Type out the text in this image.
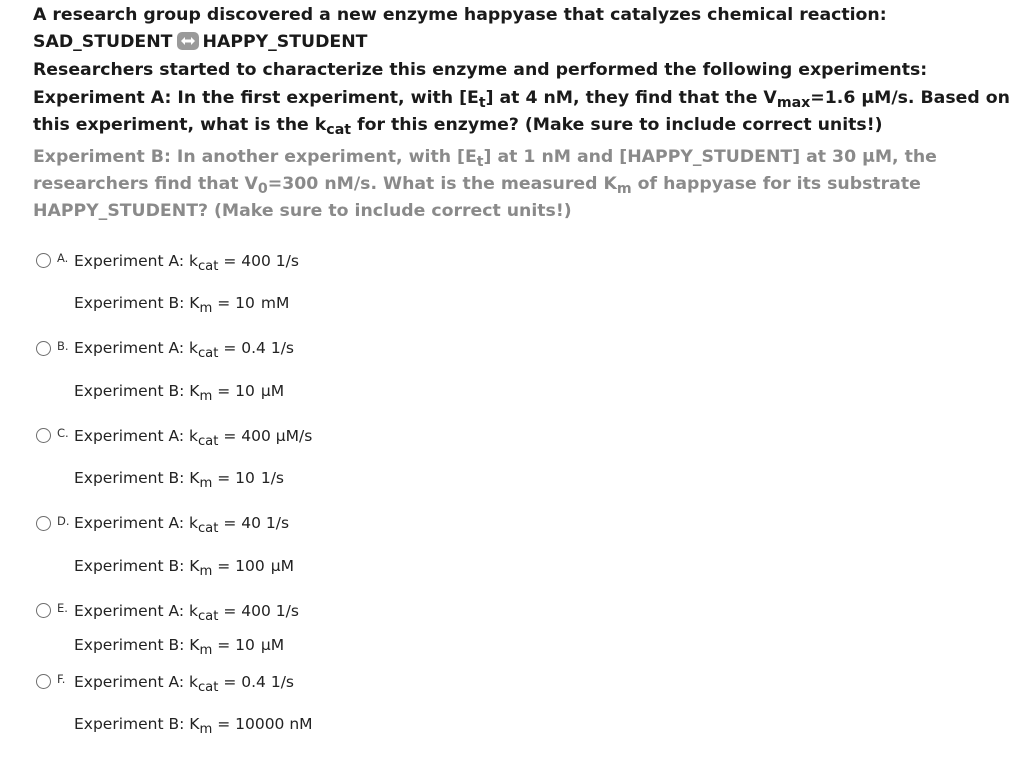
A research group discovered a new enzyme happyase that catalyzes chemical reaction:
SAD_STUDENT HAPPY_STUDENT
Researchers started to characterize this enzyme and performed the following experiments:
Experiment A: In the first experiment, with $[E_t]$ at 4 nM, they find that the $V_{max}=1.6$ μM/s. Based on
this experiment, what is the $k_{cat}$ for this enzyme? (Make sure to include correct units!)
Experiment B: In another experiment, with $[E_t]$ at 1 nM and [HAPPY_STUDENT] at 30 μM, the
researchers find that $V_0=300$ nM/s. What is the measured $K_m$ of happyase for its substrate
HAPPY_STUDENT? (Make sure to include correct units!)
A. Experiment A: kcat = 400 1/s
Experiment B: Km = 10 mM
B. Experiment A: kcat = 0.4 1/s
Experiment B: Km = 10 μM
C. Experiment A: kcat = 400 μM/s
Experiment B: Km = 10 1/s
D. Experiment A: kcat = 40 1/s
Experiment B: Km = 100 μM
E. Experiment A: kcat = 400 1/s
Experiment B: Km = 10 μM
F. Experiment A: kcat = 0.4 1/s
Experiment B: Km = 10000 nM
